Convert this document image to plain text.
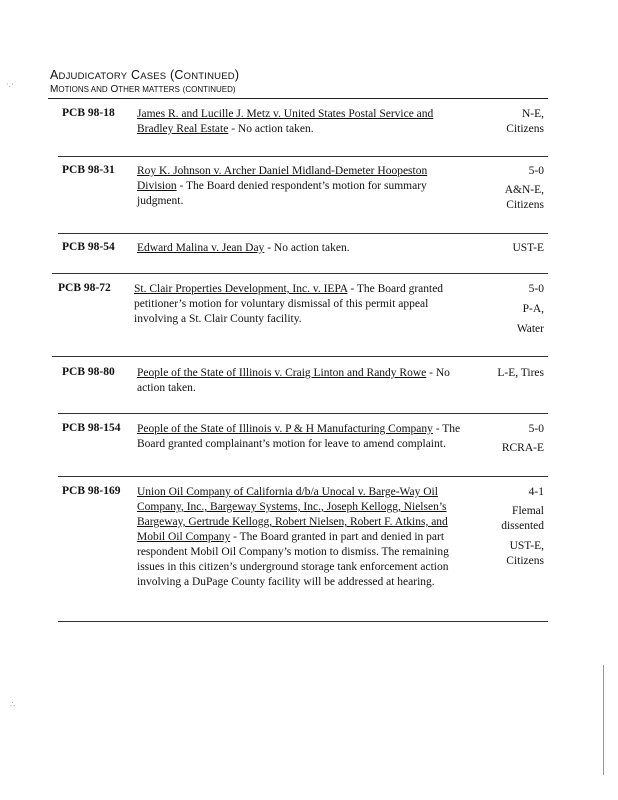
ADJUDICATORY CASES (CONTINUED)
MOTIONS AND OTHER MATTERS (CONTINUED)
PCB 98-18 James R. and Lucille J. Metz v. United States Postal Service and Bradley Real Estate - No action taken.
N-E,
Citizens
PCB 98-31 Roy K. Johnson v. Archer Daniel Midland-Demeter Hoopeston Division - The Board denied respondent’s motion for summary judgment.
5-0
A&N-E,
Citizens
PCB 98-54 Edward Malina v. Jean Day - No action taken.	UST-E
PCB 98-72 St. Clair Properties Development, Inc. v. IEPA - The Board granted petitioner’s motion for voluntary dismissal of this permit appeal involving a St. Clair County facility.
5-0
P-A,
Water
PCB 98-80 People of the State of Illinois v. Craig Linton and Randy Rowe - No action taken.
L-E, Tires
PCB 98-154 People of the State of Illinois v. P & H Manufacturing Company - The Board granted complainant’s motion for leave to amend complaint.
5-0
RCRA-E
PCB 98-169 Union Oil Company of California d/b/a Unocal v. Barge-Way Oil Company, Inc., Bargeway Systems, Inc., Joseph Kellogg, Nielsen’s Bargeway, Gertrude Kellogg, Robert Nielsen, Robert F. Atkins, and Mobil Oil Company - The Board granted in part and denied in part respondent Mobil Oil Company’s motion to dismiss. The remaining issues in this citizen’s underground storage tank enforcement action involving a DuPage County facility will be addressed at hearing.
4-1
Flemal
dissented
UST-E,
Citizens
·.·
∴
